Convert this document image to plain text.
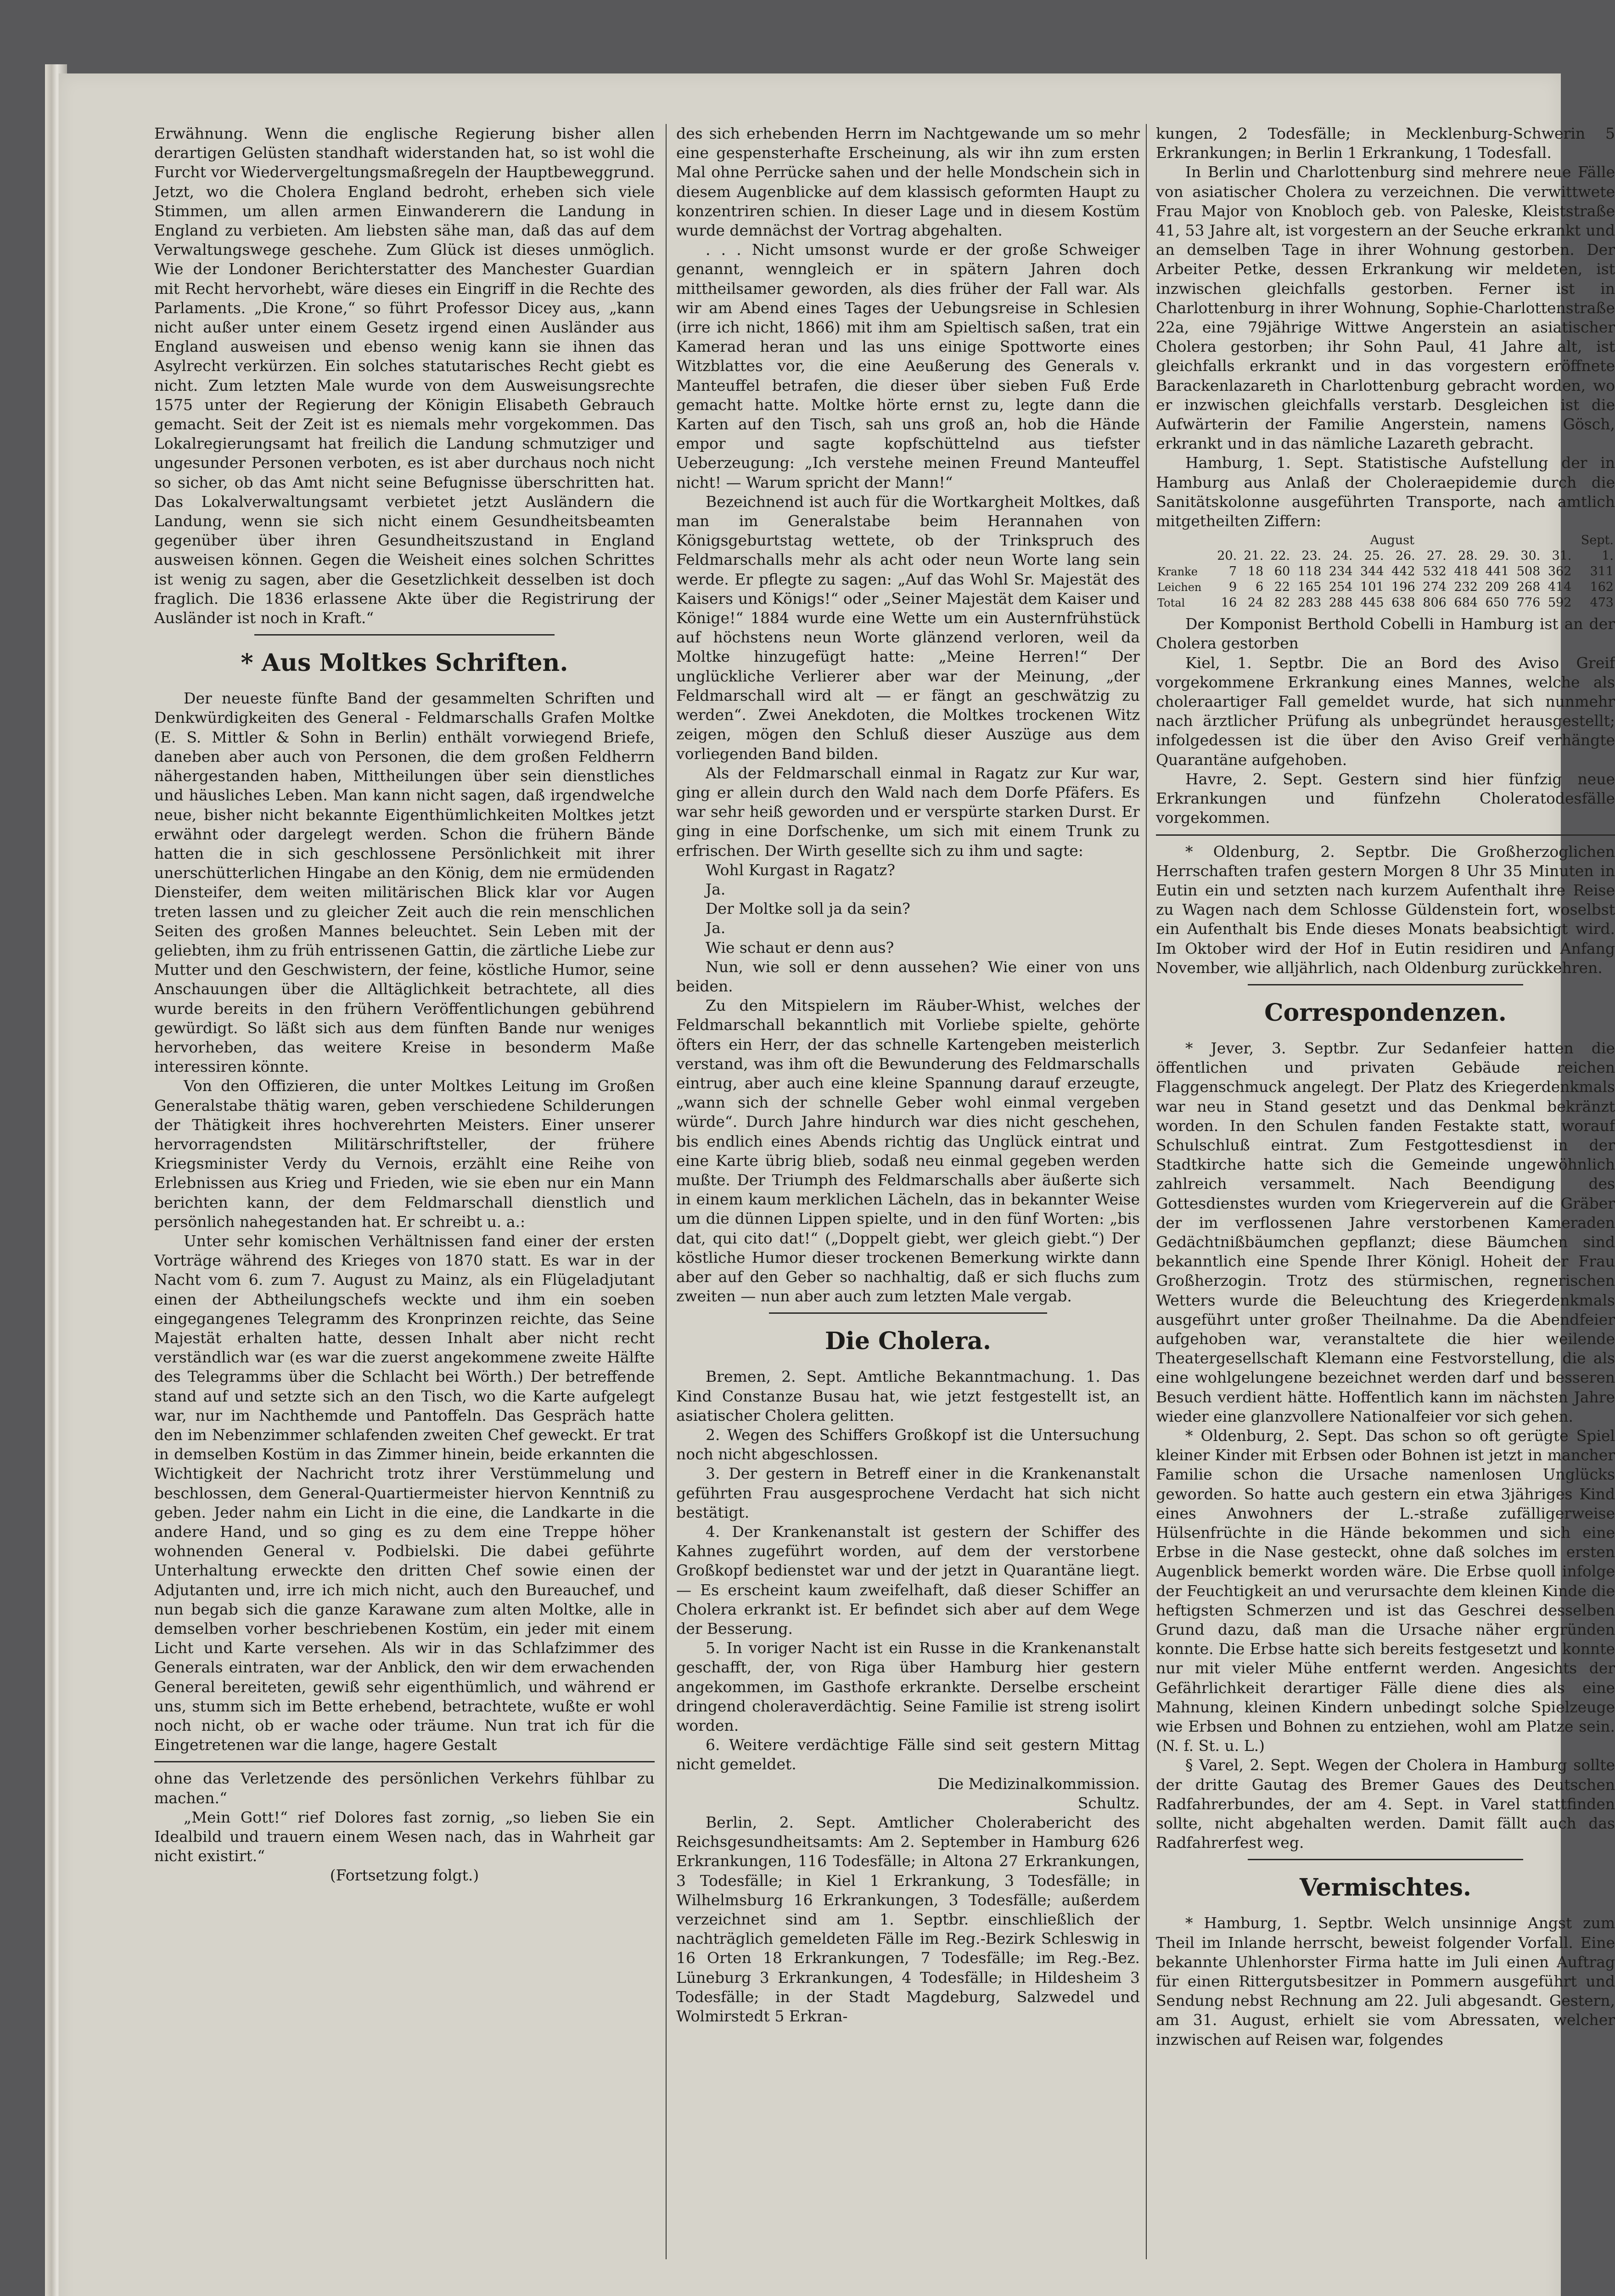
Erwähnung. Wenn die englische Regierung bisher allen derartigen Gelüsten standhaft widerstanden hat, so ist wohl die Furcht vor Wiedervergeltungsmaßregeln der Hauptbeweggrund. Jetzt, wo die Cholera England bedroht, erheben sich viele Stimmen, um allen armen Einwanderern die Landung in England zu verbieten. Am liebsten sähe man, daß das auf dem Verwaltungswege geschehe. Zum Glück ist dieses unmöglich. Wie der Londoner Berichterstatter des Manchester Guardian mit Recht hervorhebt, wäre dieses ein Eingriff in die Rechte des Parlaments. „Die Krone,“ so führt Professor Dicey aus, „kann nicht außer unter einem Gesetz irgend einen Ausländer aus England ausweisen und ebenso wenig kann sie ihnen das Asylrecht verkürzen. Ein solches statutarisches Recht giebt es nicht. Zum letzten Male wurde von dem Ausweisungsrechte 1575 unter der Regierung der Königin Elisabeth Gebrauch gemacht. Seit der Zeit ist es niemals mehr vorgekommen. Das Lokalregierungsamt hat freilich die Landung schmutziger und ungesunder Personen verboten, es ist aber durchaus noch nicht so sicher, ob das Amt nicht seine Befugnisse überschritten hat. Das Lokalverwaltungsamt verbietet jetzt Ausländern die Landung, wenn sie sich nicht einem Gesundheitsbeamten gegenüber über ihren Gesundheitszustand in England ausweisen können. Gegen die Weisheit eines solchen Schrittes ist wenig zu sagen, aber die Gesetzlichkeit desselben ist doch fraglich. Die 1836 erlassene Akte über die Registrirung der Ausländer ist noch in Kraft.“

* Aus Moltkes Schriften.

Der neueste fünfte Band der gesammelten Schriften und Denkwürdigkeiten des General - Feldmarschalls Grafen Moltke (E. S. Mittler & Sohn in Berlin) enthält vorwiegend Briefe, daneben aber auch von Personen, die dem großen Feldherrn nähergestanden haben, Mittheilungen über sein dienstliches und häusliches Leben. Man kann nicht sagen, daß irgendwelche neue, bisher nicht bekannte Eigenthümlichkeiten Moltkes jetzt erwähnt oder dargelegt werden. Schon die frühern Bände hatten die in sich geschlossene Persönlichkeit mit ihrer unerschütterlichen Hingabe an den König, dem nie ermüdenden Diensteifer, dem weiten militärischen Blick klar vor Augen treten lassen und zu gleicher Zeit auch die rein menschlichen Seiten des großen Mannes beleuchtet. Sein Leben mit der geliebten, ihm zu früh entrissenen Gattin, die zärtliche Liebe zur Mutter und den Geschwistern, der feine, köstliche Humor, seine Anschauungen über die Alltäglichkeit betrachtete, all dies wurde bereits in den frühern Veröffentlichungen gebührend gewürdigt. So läßt sich aus dem fünften Bande nur weniges hervorheben, das weitere Kreise in besonderm Maße interessiren könnte.

Von den Offizieren, die unter Moltkes Leitung im Großen Generalstabe thätig waren, geben verschiedene Schilderungen der Thätigkeit ihres hochverehrten Meisters. Einer unserer hervorragendsten Militärschriftsteller, der frühere Kriegsminister Verdy du Vernois, erzählt eine Reihe von Erlebnissen aus Krieg und Frieden, wie sie eben nur ein Mann berichten kann, der dem Feldmarschall dienstlich und persönlich nahegestanden hat. Er schreibt u. a.:

Unter sehr komischen Verhältnissen fand einer der ersten Vorträge während des Krieges von 1870 statt. Es war in der Nacht vom 6. zum 7. August zu Mainz, als ein Flügeladjutant einen der Abtheilungschefs weckte und ihm ein soeben eingegangenes Telegramm des Kronprinzen reichte, das Seine Majestät erhalten hatte, dessen Inhalt aber nicht recht verständlich war (es war die zuerst angekommene zweite Hälfte des Telegramms über die Schlacht bei Wörth.) Der betreffende stand auf und setzte sich an den Tisch, wo die Karte aufgelegt war, nur im Nachthemde und Pantoffeln. Das Gespräch hatte den im Nebenzimmer schlafenden zweiten Chef geweckt. Er trat in demselben Kostüm in das Zimmer hinein, beide erkannten die Wichtigkeit der Nachricht trotz ihrer Verstümmelung und beschlossen, dem General-Quartiermeister hiervon Kenntniß zu geben. Jeder nahm ein Licht in die eine, die Landkarte in die andere Hand, und so ging es zu dem eine Treppe höher wohnenden General v. Podbielski. Die dabei geführte Unterhaltung erweckte den dritten Chef sowie einen der Adjutanten und, irre ich mich nicht, auch den Bureauchef, und nun begab sich die ganze Karawane zum alten Moltke, alle in demselben vorher beschriebenen Kostüm, ein jeder mit einem Licht und Karte versehen. Als wir in das Schlafzimmer des Generals eintraten, war der Anblick, den wir dem erwachenden General bereiteten, gewiß sehr eigenthümlich, und während er uns, stumm sich im Bette erhebend, betrachtete, wußte er wohl noch nicht, ob er wache oder träume. Nun trat ich für die Eingetretenen war die lange, hagere Gestalt

ohne das Verletzende des persönlichen Verkehrs fühlbar zu machen.“

„Mein Gott!“ rief Dolores fast zornig, „so lieben Sie ein Idealbild und trauern einem Wesen nach, das in Wahrheit gar nicht existirt.“

(Fortsetzung folgt.)

des sich erhebenden Herrn im Nachtgewande um so mehr eine gespensterhafte Erscheinung, als wir ihn zum ersten Mal ohne Perrücke sahen und der helle Mondschein sich in diesem Augenblicke auf dem klassisch geformten Haupt zu konzentriren schien. In dieser Lage und in diesem Kostüm wurde demnächst der Vortrag abgehalten.

. . . Nicht umsonst wurde er der große Schweiger genannt, wenngleich er in spätern Jahren doch mittheilsamer geworden, als dies früher der Fall war. Als wir am Abend eines Tages der Uebungsreise in Schlesien (irre ich nicht, 1866) mit ihm am Spieltisch saßen, trat ein Kamerad heran und las uns einige Spottworte eines Witzblattes vor, die eine Aeußerung des Generals v. Manteuffel betrafen, die dieser über sieben Fuß Erde gemacht hatte. Moltke hörte ernst zu, legte dann die Karten auf den Tisch, sah uns groß an, hob die Hände empor und sagte kopfschüttelnd aus tiefster Ueberzeugung: „Ich verstehe meinen Freund Manteuffel nicht! — Warum spricht der Mann!“

Bezeichnend ist auch für die Wortkargheit Moltkes, daß man im Generalstabe beim Herannahen von Königsgeburtstag wettete, ob der Trinkspruch des Feldmarschalls mehr als acht oder neun Worte lang sein werde. Er pflegte zu sagen: „Auf das Wohl Sr. Majestät des Kaisers und Königs!“ oder „Seiner Majestät dem Kaiser und Könige!“ 1884 wurde eine Wette um ein Austernfrühstück auf höchstens neun Worte glänzend verloren, weil da Moltke hinzugefügt hatte: „Meine Herren!“ Der unglückliche Verlierer aber war der Meinung, „der Feldmarschall wird alt — er fängt an geschwätzig zu werden“. Zwei Anekdoten, die Moltkes trockenen Witz zeigen, mögen den Schluß dieser Auszüge aus dem vorliegenden Band bilden.

Als der Feldmarschall einmal in Ragatz zur Kur war, ging er allein durch den Wald nach dem Dorfe Pfäfers. Es war sehr heiß geworden und er verspürte starken Durst. Er ging in eine Dorfschenke, um sich mit einem Trunk zu erfrischen. Der Wirth gesellte sich zu ihm und sagte:

Wohl Kurgast in Ragatz?

Ja.

Der Moltke soll ja da sein?

Ja.

Wie schaut er denn aus?

Nun, wie soll er denn aussehen? Wie einer von uns beiden.

Zu den Mitspielern im Räuber-Whist, welches der Feldmarschall bekanntlich mit Vorliebe spielte, gehörte öfters ein Herr, der das schnelle Kartengeben meisterlich verstand, was ihm oft die Bewunderung des Feldmarschalls eintrug, aber auch eine kleine Spannung darauf erzeugte, „wann sich der schnelle Geber wohl einmal vergeben würde“. Durch Jahre hindurch war dies nicht geschehen, bis endlich eines Abends richtig das Unglück eintrat und eine Karte übrig blieb, sodaß neu einmal gegeben werden mußte. Der Triumph des Feldmarschalls aber äußerte sich in einem kaum merklichen Lächeln, das in bekannter Weise um die dünnen Lippen spielte, und in den fünf Worten: „bis dat, qui cito dat!“ („Doppelt giebt, wer gleich giebt.“) Der köstliche Humor dieser trockenen Bemerkung wirkte dann aber auf den Geber so nachhaltig, daß er sich fluchs zum zweiten — nun aber auch zum letzten Male vergab.

Die Cholera.

Bremen, 2. Sept. Amtliche Bekanntmachung. 1. Das Kind Constanze Busau hat, wie jetzt festgestellt ist, an asiatischer Cholera gelitten.

2. Wegen des Schiffers Großkopf ist die Untersuchung noch nicht abgeschlossen.

3. Der gestern in Betreff einer in die Krankenanstalt geführten Frau ausgesprochene Verdacht hat sich nicht bestätigt.

4. Der Krankenanstalt ist gestern der Schiffer des Kahnes zugeführt worden, auf dem der verstorbene Großkopf bedienstet war und der jetzt in Quarantäne liegt. — Es erscheint kaum zweifelhaft, daß dieser Schiffer an Cholera erkrankt ist. Er befindet sich aber auf dem Wege der Besserung.

5. In voriger Nacht ist ein Russe in die Krankenanstalt geschafft, der, von Riga über Hamburg hier gestern angekommen, im Gasthofe erkrankte. Derselbe erscheint dringend choleraverdächtig. Seine Familie ist streng isolirt worden.

6. Weitere verdächtige Fälle sind seit gestern Mittag nicht gemeldet.

Die Medizinalkommission.

Schultz.

Berlin, 2. Sept. Amtlicher Cholerabericht des Reichsgesundheitsamts: Am 2. September in Hamburg 626 Erkrankungen, 116 Todesfälle; in Altona 27 Erkrankungen, 3 Todesfälle; in Kiel 1 Erkrankung, 3 Todesfälle; in Wilhelmsburg 16 Erkrankungen, 3 Todesfälle; außerdem verzeichnet sind am 1. Septbr. einschließlich der nachträglich gemeldeten Fälle im Reg.-Bezirk Schleswig in 16 Orten 18 Erkrankungen, 7 Todesfälle; im Reg.-Bez. Lüneburg 3 Erkrankungen, 4 Todesfälle; in Hildesheim 3 Todesfälle; in der Stadt Magdeburg, Salzwedel und Wolmirstedt 5 Erkran-

kungen, 2 Todesfälle; in Mecklenburg-Schwerin 5 Erkrankungen; in Berlin 1 Erkrankung, 1 Todesfall.

In Berlin und Charlottenburg sind mehrere neue Fälle von asiatischer Cholera zu verzeichnen. Die verwittwete Frau Major von Knobloch geb. von Paleske, Kleiststraße 41, 53 Jahre alt, ist vorgestern an der Seuche erkrankt und an demselben Tage in ihrer Wohnung gestorben. Der Arbeiter Petke, dessen Erkrankung wir meldeten, ist inzwischen gleichfalls gestorben. Ferner ist in Charlottenburg in ihrer Wohnung, Sophie-Charlottenstraße 22a, eine 79jährige Wittwe Angerstein an asiatischer Cholera gestorben; ihr Sohn Paul, 41 Jahre alt, ist gleichfalls erkrankt und in das vorgestern eröffnete Barackenlazareth in Charlottenburg gebracht worden, wo er inzwischen gleichfalls verstarb. Desgleichen ist die Aufwärterin der Familie Angerstein, namens Gösch, erkrankt und in das nämliche Lazareth gebracht.

Hamburg, 1. Sept. Statistische Aufstellung der in Hamburg aus Anlaß der Choleraepidemie durch die Sanitätskolonne ausgeführten Transporte, nach amtlich mitgetheilten Ziffern:

	August												Sept.
	20.	21.	22.	23.	24.	25.	26.	27.	28.	29.	30.	31.	1.
Kranke	7	18	60	118	234	344	442	532	418	441	508	362	311
Leichen	9	6	22	165	254	101	196	274	232	209	268	414	162
Total	16	24	82	283	288	445	638	806	684	650	776	592	473

Der Komponist Berthold Cobelli in Hamburg ist an der Cholera gestorben

Kiel, 1. Septbr. Die an Bord des Aviso Greif vorgekommene Erkrankung eines Mannes, welche als choleraartiger Fall gemeldet wurde, hat sich nunmehr nach ärztlicher Prüfung als unbegründet herausgestellt; infolgedessen ist die über den Aviso Greif verhängte Quarantäne aufgehoben.

Havre, 2. Sept. Gestern sind hier fünfzig neue Erkrankungen und fünfzehn Choleratodesfälle vorgekommen.

* Oldenburg, 2. Septbr. Die Großherzoglichen Herrschaften trafen gestern Morgen 8 Uhr 35 Minuten in Eutin ein und setzten nach kurzem Aufenthalt ihre Reise zu Wagen nach dem Schlosse Güldenstein fort, woselbst ein Aufenthalt bis Ende dieses Monats beabsichtigt wird. Im Oktober wird der Hof in Eutin residiren und Anfang November, wie alljährlich, nach Oldenburg zurückkehren.

Correspondenzen.

* Jever, 3. Septbr. Zur Sedanfeier hatten die öffentlichen und privaten Gebäude reichen Flaggenschmuck angelegt. Der Platz des Kriegerdenkmals war neu in Stand gesetzt und das Denkmal bekränzt worden. In den Schulen fanden Festakte statt, worauf Schulschluß eintrat. Zum Festgottesdienst in der Stadtkirche hatte sich die Gemeinde ungewöhnlich zahlreich versammelt. Nach Beendigung des Gottesdienstes wurden vom Kriegerverein auf die Gräber der im verflossenen Jahre verstorbenen Kameraden Gedächtnißbäumchen gepflanzt; diese Bäumchen sind bekanntlich eine Spende Ihrer Königl. Hoheit der Frau Großherzogin. Trotz des stürmischen, regnerischen Wetters wurde die Beleuchtung des Kriegerdenkmals ausgeführt unter großer Theilnahme. Da die Abendfeier aufgehoben war, veranstaltete die hier weilende Theatergesellschaft Klemann eine Festvorstellung, die als eine wohlgelungene bezeichnet werden darf und besseren Besuch verdient hätte. Hoffentlich kann im nächsten Jahre wieder eine glanzvollere Nationalfeier vor sich gehen.

* Oldenburg, 2. Sept. Das schon so oft gerügte Spiel kleiner Kinder mit Erbsen oder Bohnen ist jetzt in mancher Familie schon die Ursache namenlosen Unglücks geworden. So hatte auch gestern ein etwa 3jähriges Kind eines Anwohners der L.-straße zufälligerweise Hülsenfrüchte in die Hände bekommen und sich eine Erbse in die Nase gesteckt, ohne daß solches im ersten Augenblick bemerkt worden wäre. Die Erbse quoll infolge der Feuchtigkeit an und verursachte dem kleinen Kinde die heftigsten Schmerzen und ist das Geschrei desselben Grund dazu, daß man die Ursache näher ergründen konnte. Die Erbse hatte sich bereits festgesetzt und konnte nur mit vieler Mühe entfernt werden. Angesichts der Gefährlichkeit derartiger Fälle diene dies als eine Mahnung, kleinen Kindern unbedingt solche Spielzeuge wie Erbsen und Bohnen zu entziehen, wohl am Platze sein. (N. f. St. u. L.)

§ Varel, 2. Sept. Wegen der Cholera in Hamburg sollte der dritte Gautag des Bremer Gaues des Deutschen Radfahrerbundes, der am 4. Sept. in Varel stattfinden sollte, nicht abgehalten werden. Damit fällt auch das Radfahrerfest weg.

Vermischtes.

* Hamburg, 1. Septbr. Welch unsinnige Angst zum Theil im Inlande herrscht, beweist folgender Vorfall. Eine bekannte Uhlenhorster Firma hatte im Juli einen Auftrag für einen Rittergutsbesitzer in Pommern ausgeführt und Sendung nebst Rechnung am 22. Juli abgesandt. Gestern, am 31. August, erhielt sie vom Abressaten, welcher inzwischen auf Reisen war, folgendes
